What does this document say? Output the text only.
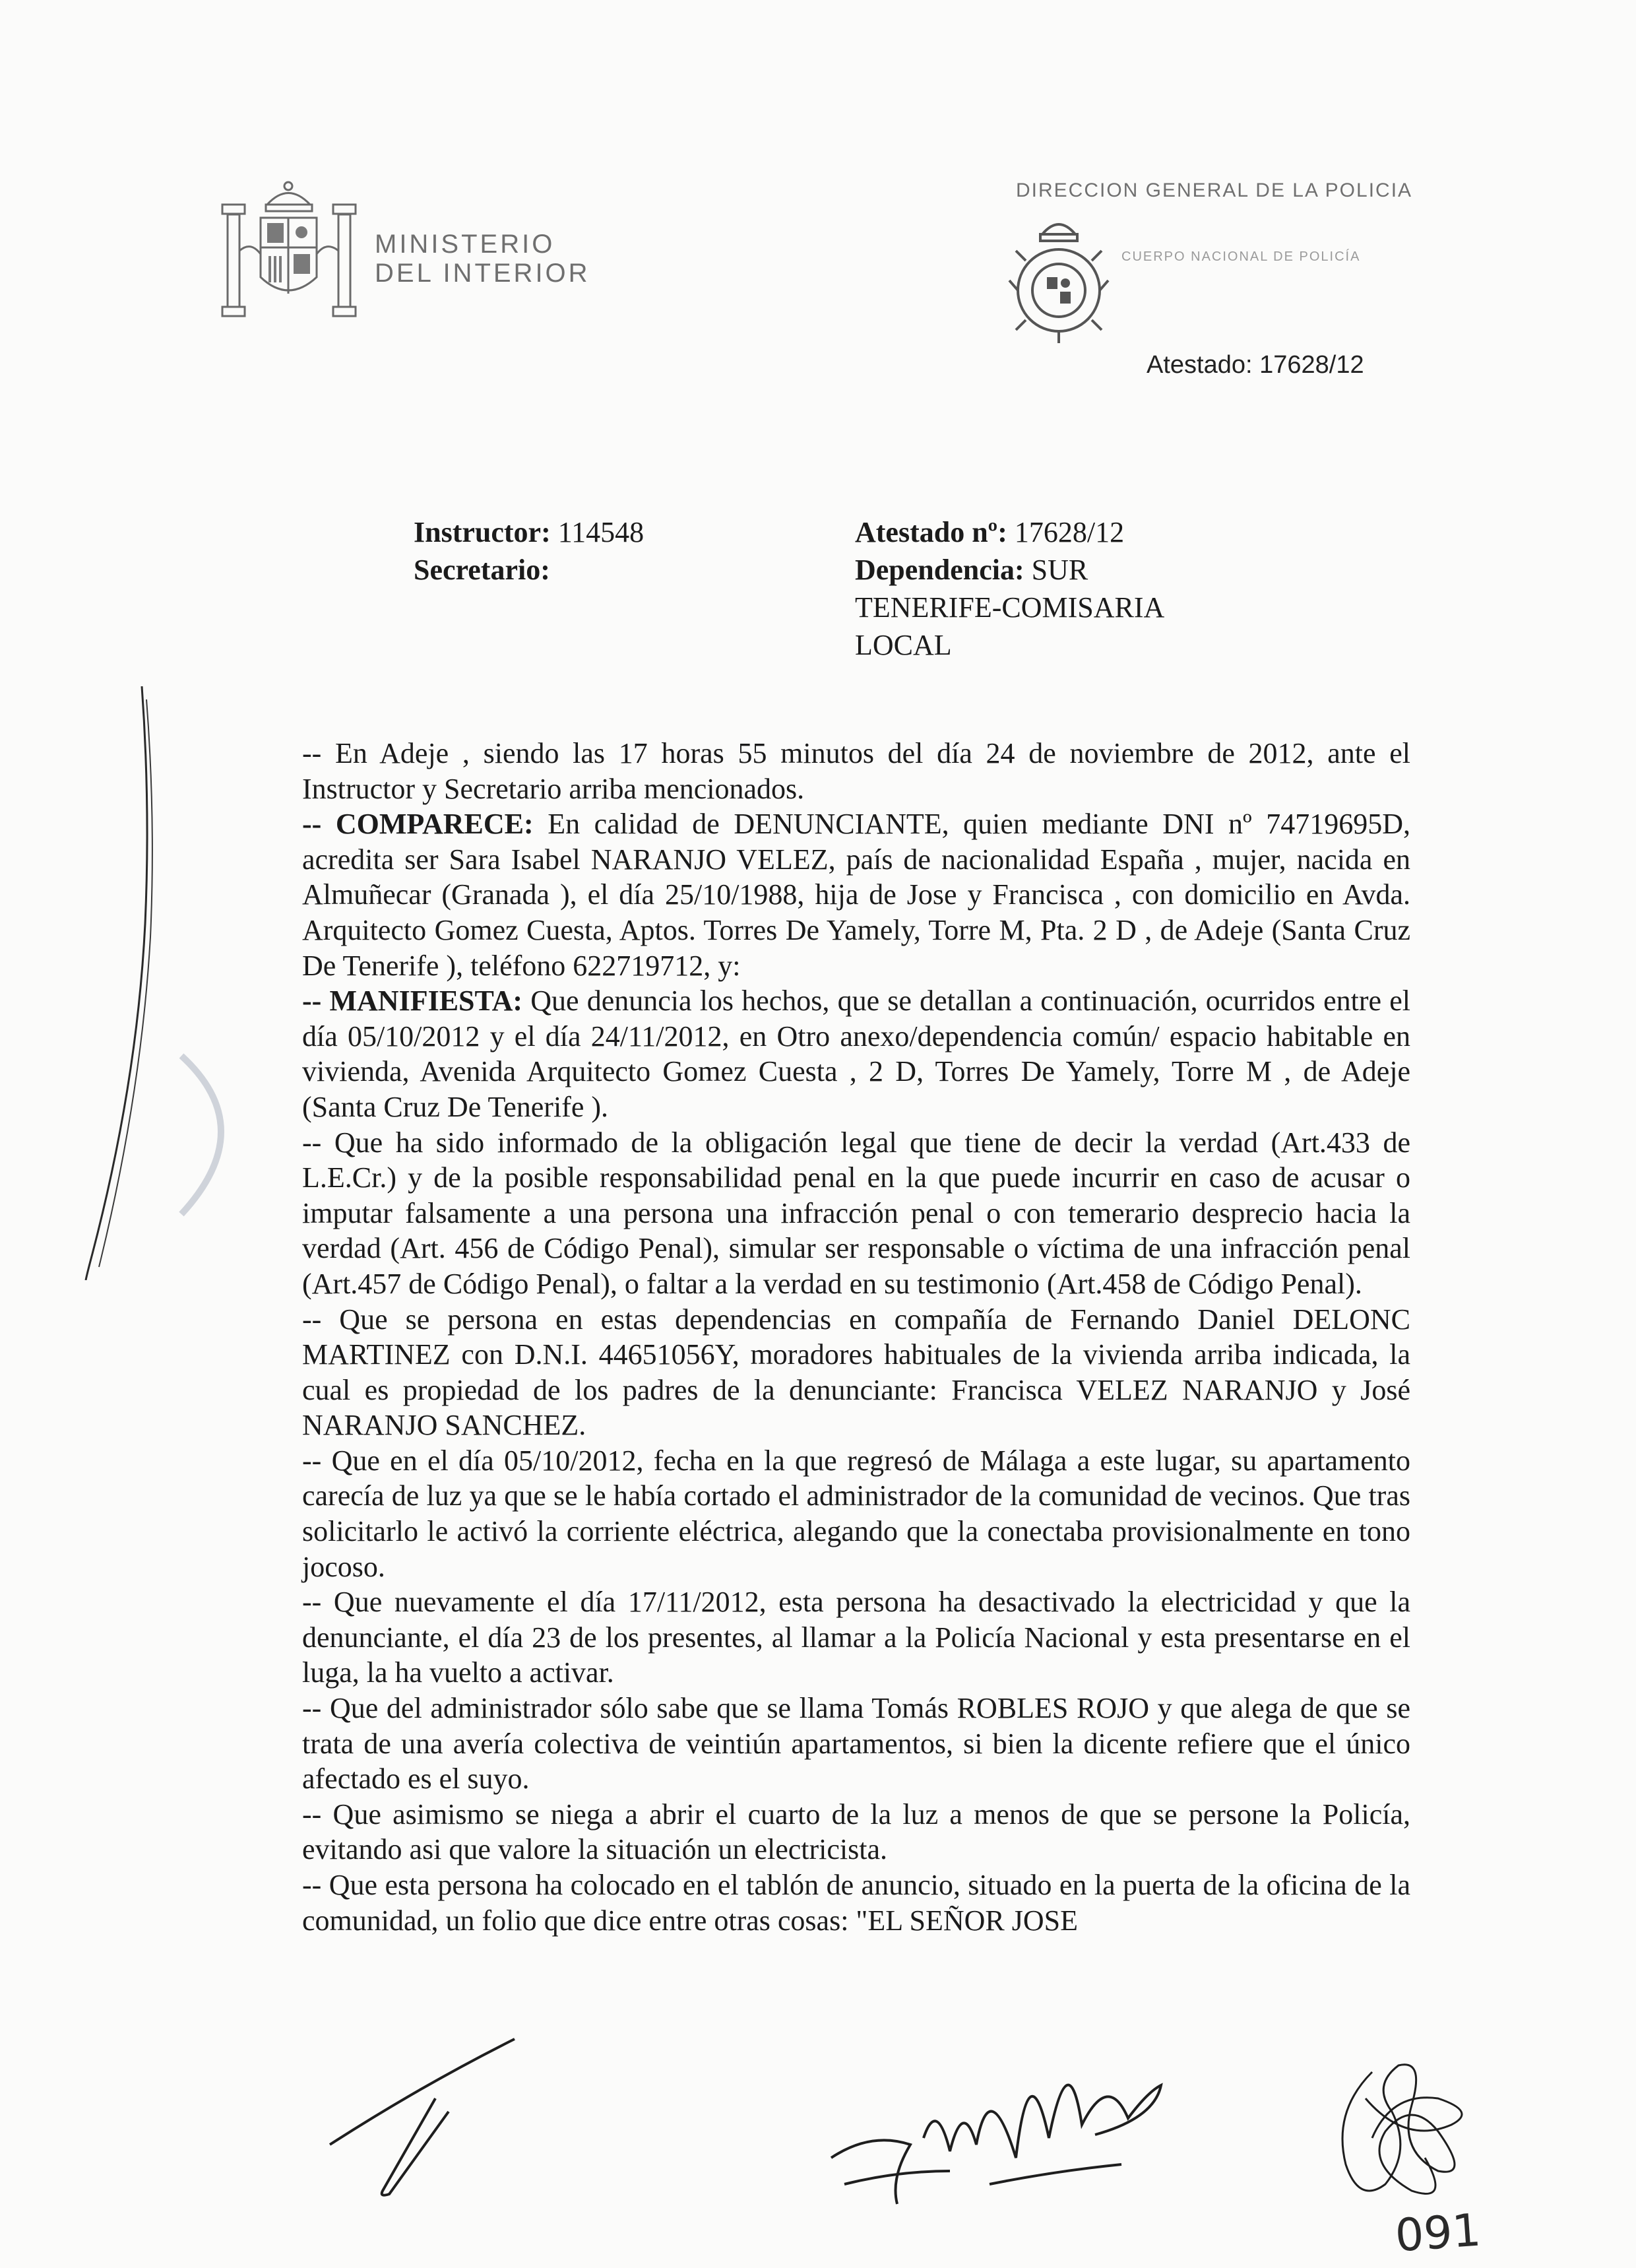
MINISTERIO
DEL INTERIOR
DIRECCION GENERAL DE LA POLICIA
CUERPO NACIONAL DE POLICÍA
Atestado: 17628/12
Instructor: 114548
Secretario:
Atestado nº: 17628/12
Dependencia: SUR
TENERIFE-COMISARIA
LOCAL

-- En Adeje , siendo las 17 horas 55 minutos del día 24 de noviembre de 2012, ante el Instructor y Secretario arriba mencionados.

-- COMPARECE: En calidad de DENUNCIANTE, quien mediante DNI nº 74719695D, acredita ser Sara Isabel NARANJO VELEZ, país de nacionalidad España , mujer, nacida en Almuñecar (Granada ), el día 25/10/1988, hija de Jose y Francisca , con domicilio en Avda. Arquitecto Gomez Cuesta, Aptos. Torres De Yamely, Torre M, Pta. 2 D , de Adeje (Santa Cruz De Tenerife ), teléfono 622719712, y:

-- MANIFIESTA: Que denuncia los hechos, que se detallan a continuación, ocurridos entre el día 05/10/2012 y el día 24/11/2012, en Otro anexo/dependencia común/ espacio habitable en vivienda, Avenida Arquitecto Gomez Cuesta , 2 D, Torres De Yamely, Torre M , de Adeje (Santa Cruz De Tenerife ).

-- Que ha sido informado de la obligación legal que tiene de decir la verdad (Art.433 de L.E.Cr.) y de la posible responsabilidad penal en la que puede incurrir en caso de acusar o imputar falsamente a una persona una infracción penal o con temerario desprecio hacia la verdad (Art. 456 de Código Penal), simular ser responsable o víctima de una infracción penal (Art.457 de Código Penal), o faltar a la verdad en su testimonio (Art.458 de Código Penal).

-- Que se persona en estas dependencias en compañía de Fernando Daniel DELONC MARTINEZ con D.N.I. 44651056Y, moradores habituales de la vivienda arriba indicada, la cual es propiedad de los padres de la denunciante: Francisca VELEZ NARANJO y José NARANJO SANCHEZ.

-- Que en el día 05/10/2012, fecha en la que regresó de Málaga a este lugar, su apartamento carecía de luz ya que se le había cortado el administrador de la comunidad de vecinos. Que tras solicitarlo le activó la corriente eléctrica, alegando que la conectaba provisionalmente en tono jocoso.

-- Que nuevamente el día 17/11/2012, esta persona ha desactivado la electricidad y que la denunciante, el día 23 de los presentes, al llamar a la Policía Nacional y esta presentarse en el luga, la ha vuelto a activar.

-- Que del administrador sólo sabe que se llama Tomás ROBLES ROJO y que alega de que se trata de una avería colectiva de veintiún apartamentos, si bien la dicente refiere que el único afectado es el suyo.

-- Que asimismo se niega a abrir el cuarto de la luz a menos de que se persone la Policía, evitando asi que valore la situación un electricista.

-- Que esta persona ha colocado en el tablón de anuncio, situado en la puerta de la oficina de la comunidad, un folio que dice entre otras cosas: "EL SEÑOR JOSE

091
